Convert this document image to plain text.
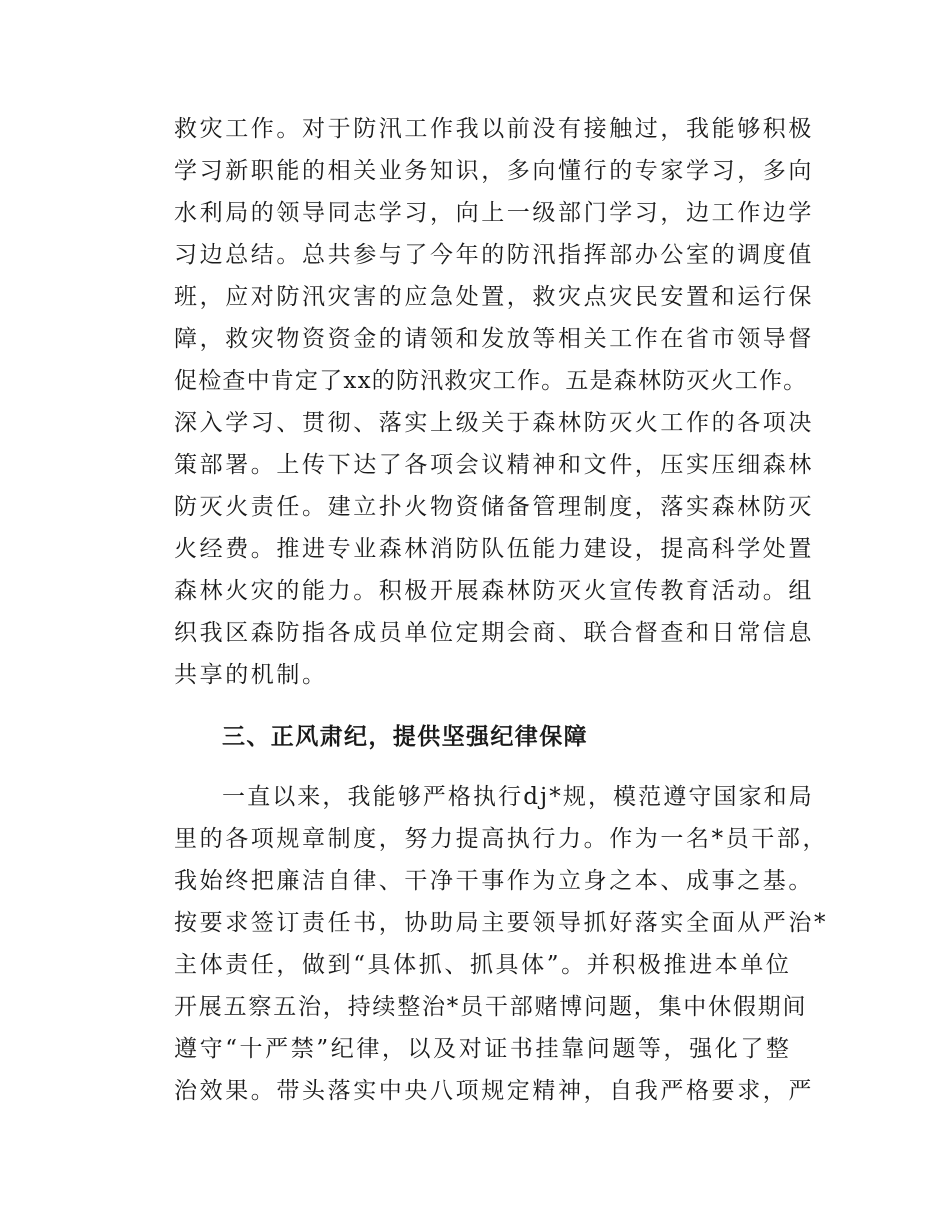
救灾工作。对于防汛工作我以前没有接触过，我能够积极
学习新职能的相关业务知识，多向懂行的专家学习，多向
水利局的领导同志学习，向上一级部门学习，边工作边学
习边总结。总共参与了今年的防汛指挥部办公室的调度值
班，应对防汛灾害的应急处置，救灾点灾民安置和运行保
障，救灾物资资金的请领和发放等相关工作在省市领导督
促检查中肯定了xx的防汛救灾工作。五是森林防灭火工作。
深入学习、贯彻、落实上级关于森林防灭火工作的各项决
策部署。上传下达了各项会议精神和文件，压实压细森林
防灭火责任。建立扑火物资储备管理制度，落实森林防灭
火经费。推进专业森林消防队伍能力建设，提高科学处置
森林火灾的能力。积极开展森林防灭火宣传教育活动。组
织我区森防指各成员单位定期会商、联合督查和日常信息
共享的机制。
三、正风肃纪，提供坚强纪律保障
一直以来，我能够严格执行dj*规，模范遵守国家和局
里的各项规章制度，努力提高执行力。作为一名*员干部，
我始终把廉洁自律、干净干事作为立身之本、成事之基。
按要求签订责任书，协助局主要领导抓好落实全面从严治*
主体责任，做到“具体抓、抓具体”。并积极推进本单位
开展五察五治，持续整治*员干部赌博问题，集中休假期间
遵守“十严禁”纪律，以及对证书挂靠问题等，强化了整
治效果。带头落实中央八项规定精神，自我严格要求，严
